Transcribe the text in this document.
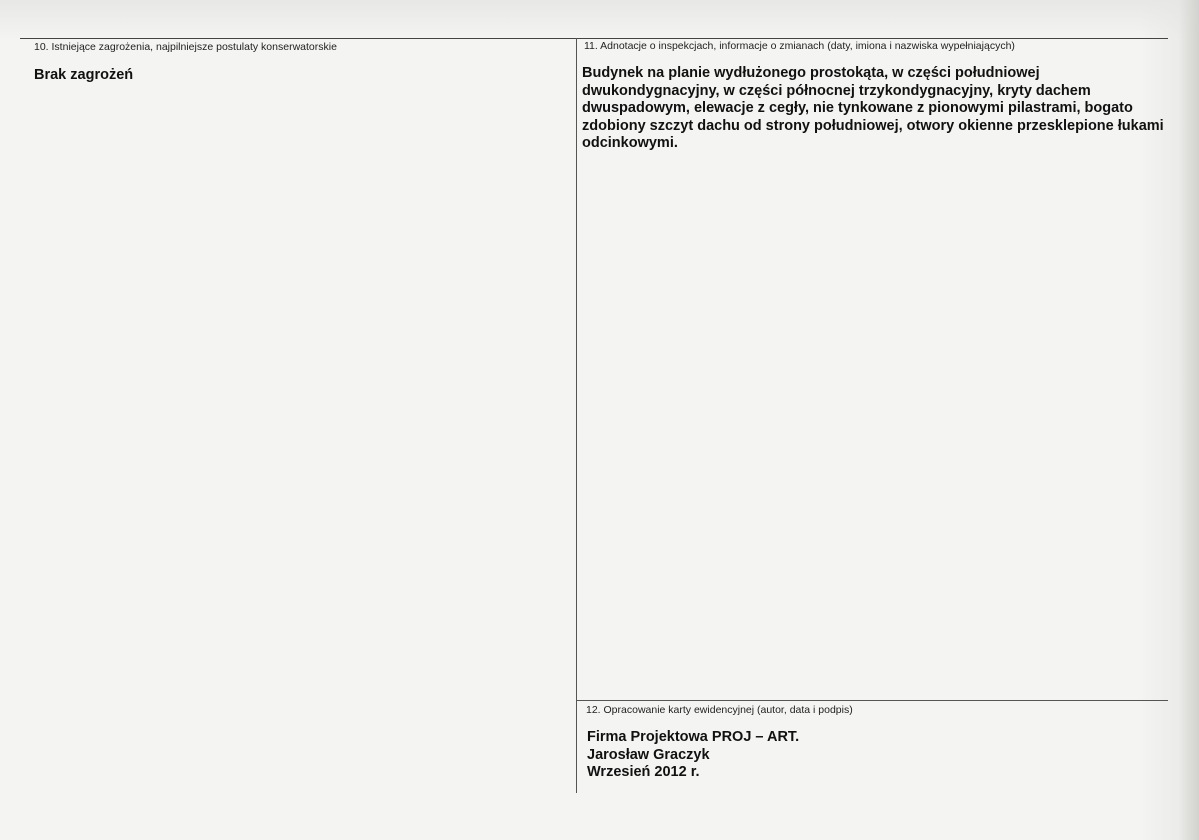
10. Istniejące zagrożenia, najpilniejsze postulaty konserwatorskie
Brak zagrożeń
11. Adnotacje o inspekcjach, informacje o zmianach (daty, imiona i nazwiska wypełniających)
Budynek na planie wydłużonego prostokąta, w części południowej
dwukondygnacyjny, w części północnej trzykondygnacyjny, kryty dachem
dwuspadowym, elewacje z cegły, nie tynkowane z pionowymi pilastrami, bogato
zdobiony szczyt dachu od strony południowej, otwory okienne przesklepione łukami
odcinkowymi.
12. Opracowanie karty ewidencyjnej (autor, data i podpis)
Firma Projektowa PROJ – ART.
Jarosław Graczyk
Wrzesień 2012 r.
